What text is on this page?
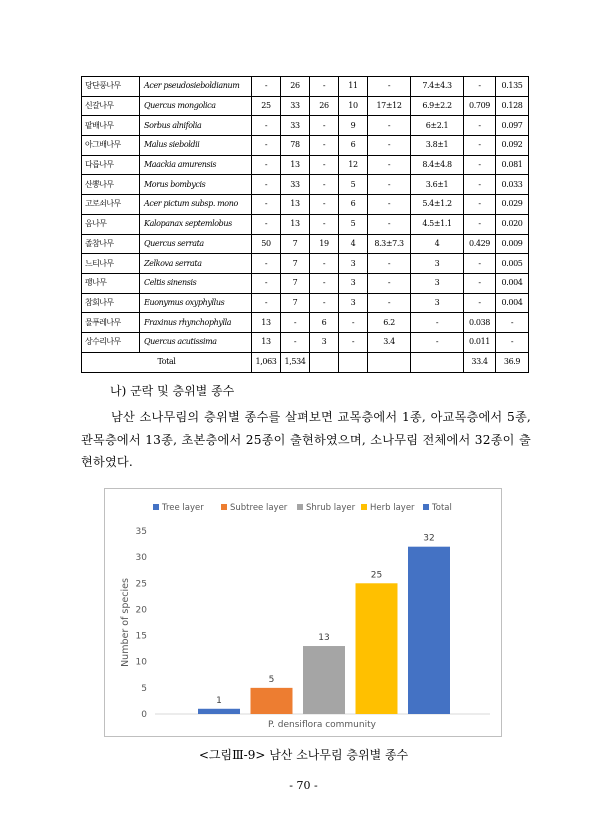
당단풍나무	Acer pseudosieboldianum	-	26	-	11	-	7.4±4.3	-	0.135
신갈나무	Quercus mongolica	25	33	26	10	17±12	6.9±2.2	0.709	0.128
팥배나무	Sorbus alnifolia	-	33	-	9	-	6±2.1	-	0.097
아그배나무	Malus sieboldii	-	78	-	6	-	3.8±1	-	0.092
다릅나무	Maackia amurensis	-	13	-	12	-	8.4±4.8	-	0.081
산뽕나무	Morus bombycis	-	33	-	5	-	3.6±1	-	0.033
고로쇠나무	Acer pictum subsp. mono	-	13	-	6	-	5.4±1.2	-	0.029
음나무	Kalopanax septemlobus	-	13	-	5	-	4.5±1.1	-	0.020
졸참나무	Quercus serrata	50	7	19	4	8.3±7.3	4	0.429	0.009
느티나무	Zelkova serrata	-	7	-	3	-	3	-	0.005
팽나무	Celtis sinensis	-	7	-	3	-	3	-	0.004
참회나무	Euonymus oxyphyllus	-	7	-	3	-	3	-	0.004
물푸레나무	Fraxinus rhynchophylla	13	-	6	-	6.2	-	0.038	-
상수리나무	Quercus acutissima	13	-	3	-	3.4	-	0.011	-
Total		1,063	1,534					33.4	36.9
나) 군락 및 층위별 종수
남산 소나무림의 층위별 종수를 살펴보면 교목층에서 1종, 아교목층에서 5종, 관목층에서 13종, 초본층에서 25종이 출현하였으며, 소나무림 전체에서 32종이 출현하였다.
Tree layer	Subtree layer Shrub layer Herb layer Total
0
5
10
15
20
25
30
35
Number of species
1
5
13
25
32
P. densiflora community
<그림Ⅲ-9> 남산 소나무림 층위별 종수
- 70 -
